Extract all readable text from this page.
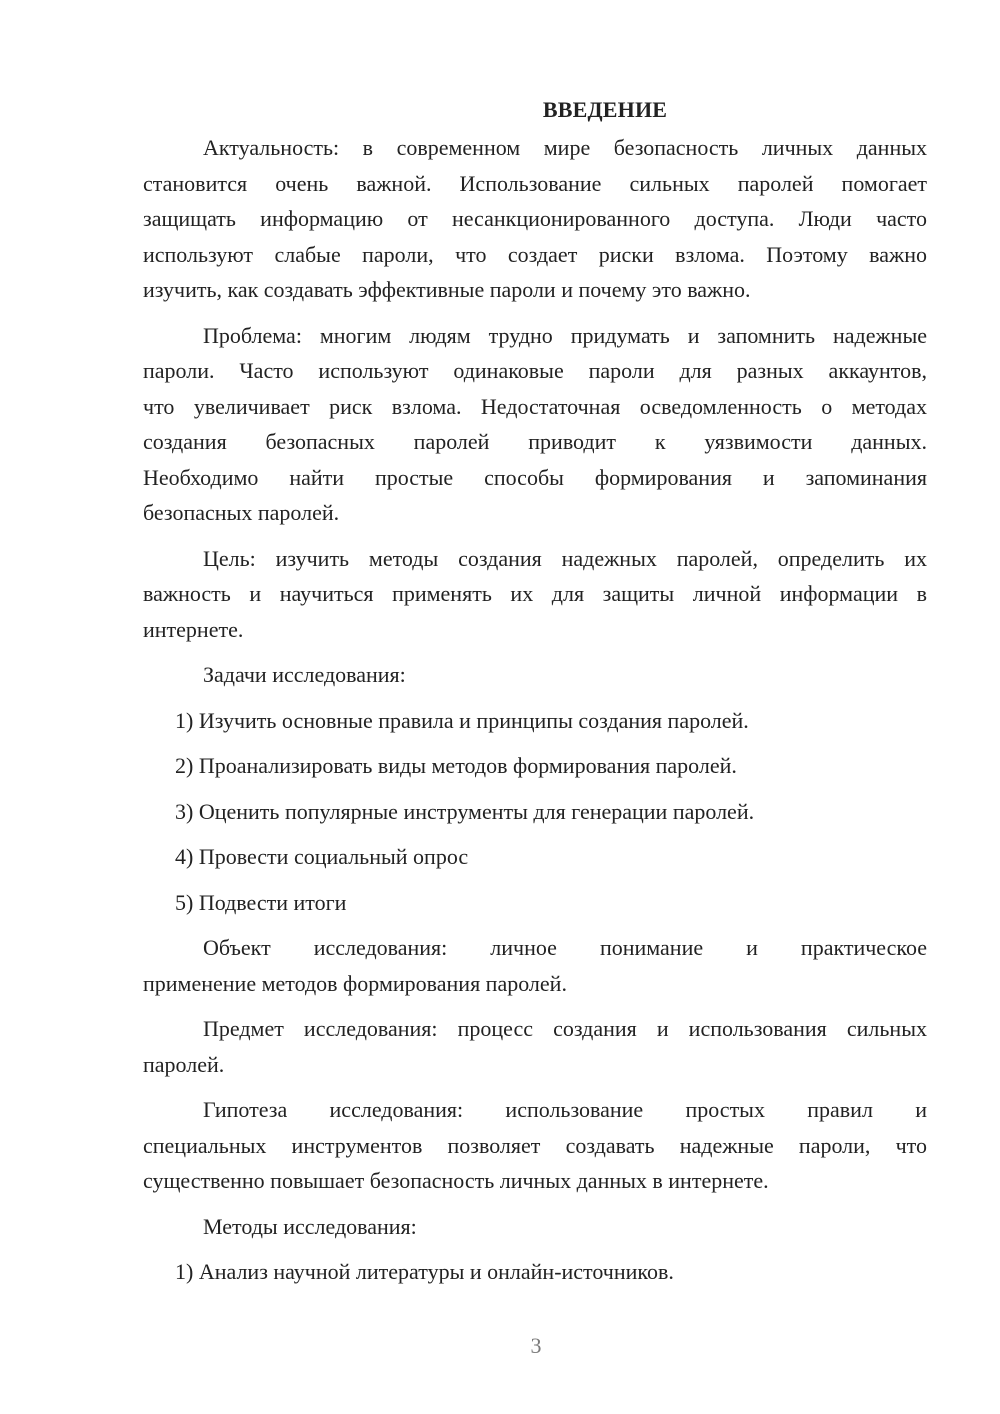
ВВЕДЕНИЕ

Актуальность: в современном мире безопасность личных данных
становится очень важной. Использование сильных паролей помогает
защищать информацию от несанкционированного доступа. Люди часто
используют слабые пароли, что создает риски взлома. Поэтому важно
изучить, как создавать эффективные пароли и почему это важно.

Проблема: многим людям трудно придумать и запомнить надежные
пароли. Часто используют одинаковые пароли для разных аккаунтов,
что увеличивает риск взлома. Недостаточная осведомленность о методах
создания безопасных паролей приводит к уязвимости данных.
Необходимо найти простые способы формирования и запоминания
безопасных паролей.

Цель: изучить методы создания надежных паролей, определить их
важность и научиться применять их для защиты личной информации в
интернете.

Задачи исследования:

1) Изучить основные правила и принципы создания паролей.

2) Проанализировать виды методов формирования паролей.

3) Оценить популярные инструменты для генерации паролей.

4) Провести социальный опрос

5) Подвести итоги

Объект исследования: личное понимание и практическое
применение методов формирования паролей.

Предмет исследования: процесс создания и использования сильных
паролей.

Гипотеза исследования: использование простых правил и
специальных инструментов позволяет создавать надежные пароли, что
существенно повышает безопасность личных данных в интернете.

Методы исследования:

1) Анализ научной литературы и онлайн-источников.

3
